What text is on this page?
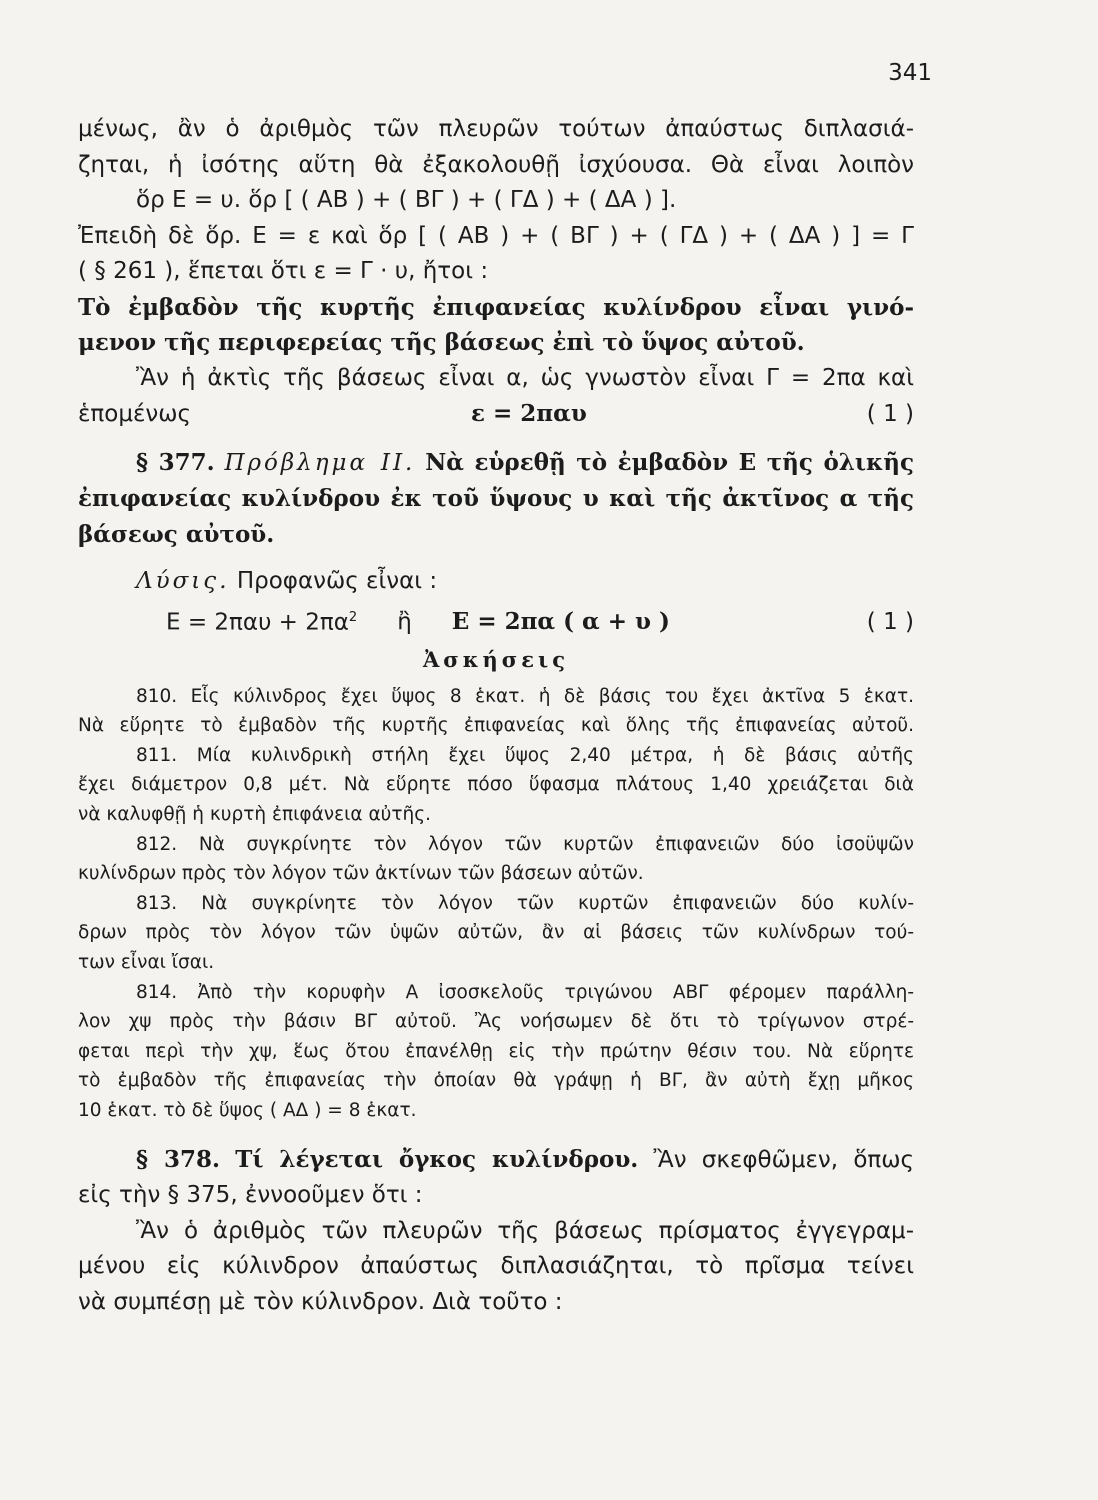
341

μένως, ἂν ὁ ἀριθμὸς τῶν πλευρῶν τούτων ἀπαύστως διπλασιά-

ζηται, ἡ ἰσότης αὕτη θὰ ἐξακολουθῇ ἰσχύουσα. Θὰ εἶναι λοιπὸν

ὅρ Ε = υ. ὅρ [ ( ΑΒ ) + ( ΒΓ ) + ( ΓΔ ) + ( ΔΑ ) ].

Ἐπειδὴ δὲ ὅρ. Ε = ε καὶ ὅρ [ ( ΑΒ ) + ( ΒΓ ) + ( ΓΔ ) + ( ΔΑ ) ] = Γ

( § 261 ), ἕπεται ὅτι ε = Γ · υ, ἤτοι :

Τὸ ἐμβαδὸν τῆς κυρτῆς ἐπιφανείας κυλίνδρου εἶναι γινό-

μενον τῆς περιφερείας τῆς βάσεως ἐπὶ τὸ ὕψος αὐτοῦ.

Ἂν ἡ ἀκτὶς τῆς βάσεως εἶναι α, ὡς γνωστὸν εἶναι Γ = 2πα καὶ

ἑπομένως	ε = 2παυ	( 1 )

§ 377. Πρόβλημα ΙΙ. Νὰ εὑρεθῇ τὸ ἐμβαδὸν Ε τῆς ὁλικῆς

ἐπιφανείας κυλίνδρου ἐκ τοῦ ὕψους υ καὶ τῆς ἀκτῖνος α τῆς

βάσεως αὐτοῦ.

Λύσις. Προφανῶς εἶναι :

$E = 2\pi\alpha\upsilon + 2\pi\alpha^2$ ἢ Ε = 2πα ( α + υ )	( 1 )

Ἀσκήσεις

810. Εἷς κύλινδρος ἔχει ὕψος 8 ἑκατ. ἡ δὲ βάσις του ἔχει ἀκτῖνα 5 ἑκατ.

Νὰ εὕρητε τὸ ἐμβαδὸν τῆς κυρτῆς ἐπιφανείας καὶ ὅλης τῆς ἐπιφανείας αὐτοῦ.

811. Μία κυλινδρικὴ στήλη ἔχει ὕψος 2,40 μέτρα, ἡ δὲ βάσις αὐτῆς

ἔχει διάμετρον 0,8 μέτ. Νὰ εὕρητε πόσο ὕφασμα πλάτους 1,40 χρειάζεται διὰ

νὰ καλυφθῇ ἡ κυρτὴ ἐπιφάνεια αὐτῆς.

812. Νὰ συγκρίνητε τὸν λόγον τῶν κυρτῶν ἐπιφανειῶν δύο ἰσοϋψῶν

κυλίνδρων πρὸς τὸν λόγον τῶν ἀκτίνων τῶν βάσεων αὐτῶν.

813. Νὰ συγκρίνητε τὸν λόγον τῶν κυρτῶν ἐπιφανειῶν δύο κυλίν-

δρων πρὸς τὸν λόγον τῶν ὑψῶν αὐτῶν, ἂν αἱ βάσεις τῶν κυλίνδρων τού-

των εἶναι ἴσαι.

814. Ἀπὸ τὴν κορυφὴν Α ἰσοσκελοῦς τριγώνου ΑΒΓ φέρομεν παράλλη-

λον χψ πρὸς τὴν βάσιν ΒΓ αὐτοῦ. Ἂς νοήσωμεν δὲ ὅτι τὸ τρίγωνον στρέ-

φεται περὶ τὴν χψ, ἕως ὅτου ἐπανέλθῃ εἰς τὴν πρώτην θέσιν του. Νὰ εὕρητε

τὸ ἐμβαδὸν τῆς ἐπιφανείας τὴν ὁποίαν θὰ γράψῃ ἡ ΒΓ, ἂν αὐτὴ ἔχῃ μῆκος

10 ἑκατ. τὸ δὲ ὕψος ( ΑΔ ) = 8 ἑκατ.

§ 378. Τί λέγεται ὄγκος κυλίνδρου. Ἂν σκεφθῶμεν, ὅπως

εἰς τὴν § 375, ἐννοοῦμεν ὅτι :

Ἂν ὁ ἀριθμὸς τῶν πλευρῶν τῆς βάσεως πρίσματος ἐγγεγραμ-

μένου εἰς κύλινδρον ἀπαύστως διπλασιάζηται, τὸ πρῖσμα τείνει

νὰ συμπέσῃ μὲ τὸν κύλινδρον. Διὰ τοῦτο :
